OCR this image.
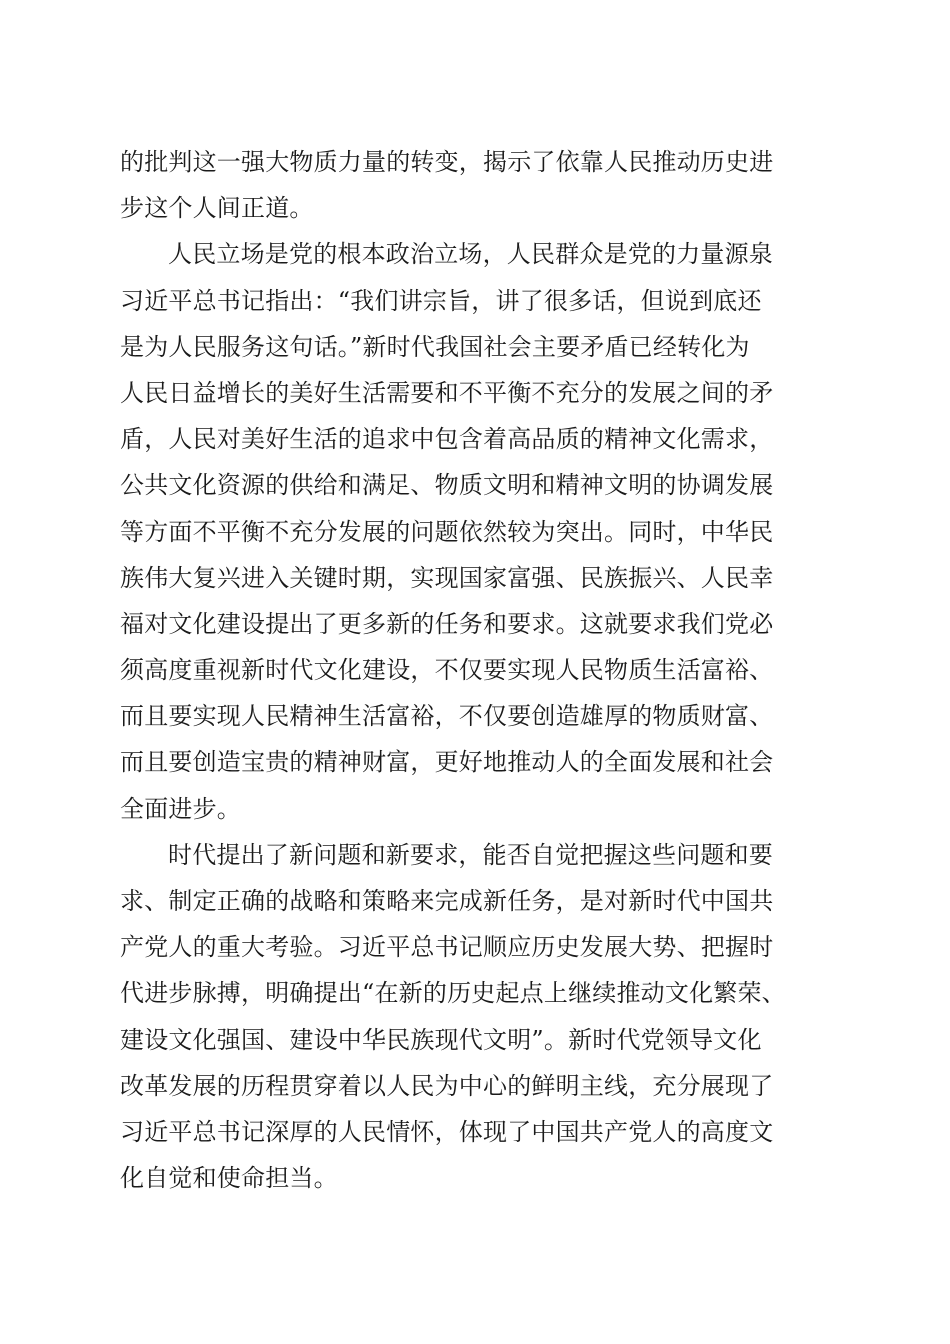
的批判这一强大物质力量的转变，揭示了依靠人民推动历史进
步这个人间正道。
人民立场是党的根本政治立场，人民群众是党的力量源泉
习近平总书记指出：“我们讲宗旨，讲了很多话，但说到底还
是为人民服务这句话。”新时代我国社会主要矛盾已经转化为
人民日益增长的美好生活需要和不平衡不充分的发展之间的矛
盾，人民对美好生活的追求中包含着高品质的精神文化需求，
公共文化资源的供给和满足、物质文明和精神文明的协调发展
等方面不平衡不充分发展的问题依然较为突出。同时，中华民
族伟大复兴进入关键时期，实现国家富强、民族振兴、人民幸
福对文化建设提出了更多新的任务和要求。这就要求我们党必
须高度重视新时代文化建设，不仅要实现人民物质生活富裕、
而且要实现人民精神生活富裕，不仅要创造雄厚的物质财富、
而且要创造宝贵的精神财富，更好地推动人的全面发展和社会
全面进步。
时代提出了新问题和新要求，能否自觉把握这些问题和要
求、制定正确的战略和策略来完成新任务，是对新时代中国共
产党人的重大考验。习近平总书记顺应历史发展大势、把握时
代进步脉搏，明确提出“在新的历史起点上继续推动文化繁荣、
建设文化强国、建设中华民族现代文明”。新时代党领导文化
改革发展的历程贯穿着以人民为中心的鲜明主线，充分展现了
习近平总书记深厚的人民情怀，体现了中国共产党人的高度文
化自觉和使命担当。
